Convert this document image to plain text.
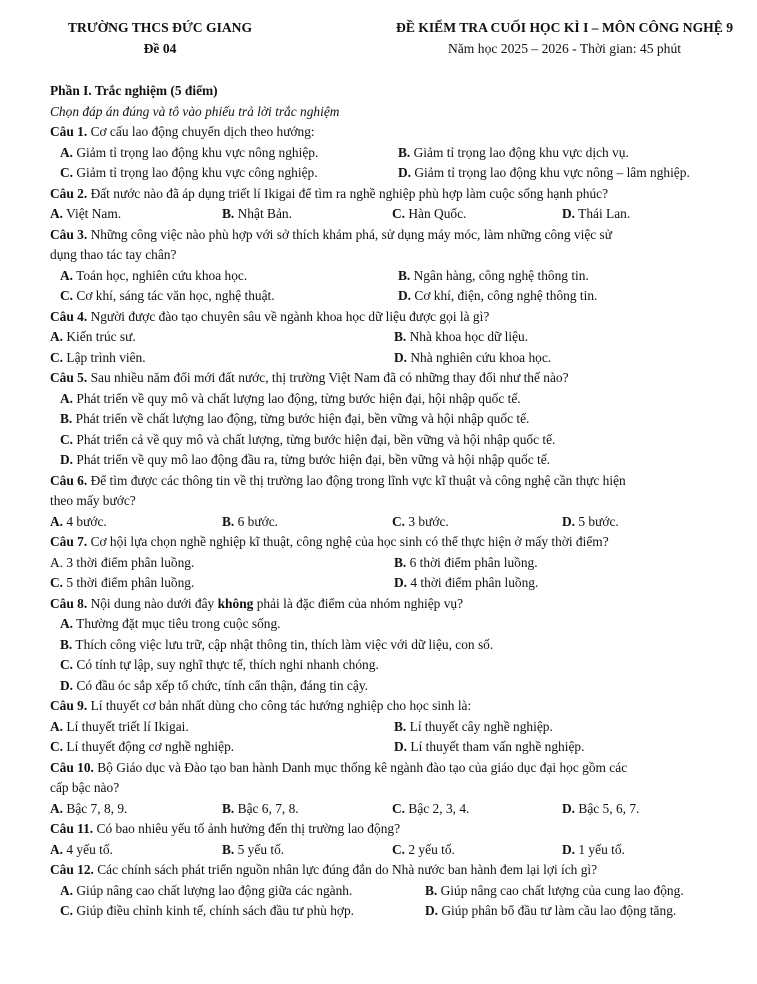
TRƯỜNG THCS ĐỨC GIANG
Đề 04
ĐỀ KIỂM TRA CUỐI HỌC KÌ I – MÔN CÔNG NGHỆ 9
Năm học 2025 – 2026 - Thời gian: 45 phút
Phần I. Trắc nghiệm (5 điểm)
Chọn đáp án đúng và tô vào phiếu trả lời trắc nghiệm
Câu 1. Cơ cấu lao động chuyển dịch theo hướng:
A. Giảm tỉ trọng lao động khu vực nông nghiệp.	B. Giảm tỉ trọng lao động khu vực dịch vụ.
C. Giảm tỉ trọng lao động khu vực công nghiệp.	D. Giảm tỉ trọng lao động khu vực nông – lâm nghiệp.
Câu 2. Đất nước nào đã áp dụng triết lí Ikigai để tìm ra nghề nghiệp phù hợp làm cuộc sống hạnh phúc?
A. Việt Nam.	B. Nhật Bản.	C. Hàn Quốc.	D. Thái Lan.
Câu 3. Những công việc nào phù hợp với sở thích khám phá, sử dụng máy móc, làm những công việc sử
dụng thao tác tay chân?
A. Toán học, nghiên cứu khoa học.	B. Ngân hàng, công nghệ thông tin.
C. Cơ khí, sáng tác văn học, nghệ thuật.	D. Cơ khí, điện, công nghệ thông tin.
Câu 4. Người được đào tạo chuyên sâu về ngành khoa học dữ liệu được gọi là gì?
A. Kiến trúc sư.	B. Nhà khoa học dữ liệu.
C. Lập trình viên.	D. Nhà nghiên cứu khoa học.
Câu 5. Sau nhiều năm đổi mới đất nước, thị trường Việt Nam đã có những thay đổi như thế nào?
A. Phát triển về quy mô và chất lượng lao động, từng bước hiện đại, hội nhập quốc tế.
B. Phát triển về chất lượng lao động, từng bước hiện đại, bền vững và hội nhập quốc tế.
C. Phát triển cả về quy mô và chất lượng, từng bước hiện đại, bền vững và hội nhập quốc tế.
D. Phát triển về quy mô lao động đầu ra, từng bước hiện đại, bền vững và hội nhập quốc tế.
Câu 6. Để tìm được các thông tin về thị trường lao động trong lĩnh vực kĩ thuật và công nghệ cần thực hiện
theo mấy bước?
A. 4 bước.	B. 6 bước.	C. 3 bước.	D. 5 bước.
Câu 7. Cơ hội lựa chọn nghề nghiệp kĩ thuật, công nghệ của học sinh có thể thực hiện ở mấy thời điểm?
A. 3 thời điểm phân luồng.	B. 6 thời điểm phân luồng.
C. 5 thời điểm phân luồng.	D. 4 thời điểm phân luồng.
Câu 8. Nội dung nào dưới đây không phải là đặc điểm của nhóm nghiệp vụ?
A. Thường đặt mục tiêu trong cuộc sống.
B. Thích công việc lưu trữ, cập nhật thông tin, thích làm việc với dữ liệu, con số.
C. Có tính tự lập, suy nghĩ thực tế, thích nghi nhanh chóng.
D. Có đầu óc sắp xếp tổ chức, tính cẩn thận, đáng tin cậy.
Câu 9. Lí thuyết cơ bản nhất dùng cho công tác hướng nghiệp cho học sinh là:
A. Lí thuyết triết lí Ikigai.	B. Lí thuyết cây nghề nghiệp.
C. Lí thuyết động cơ nghề nghiệp.	D. Lí thuyết tham vấn nghề nghiệp.
Câu 10. Bộ Giáo dục và Đào tạo ban hành Danh mục thống kê ngành đào tạo của giáo dục đại học gồm các
cấp bậc nào?
A. Bậc 7, 8, 9.	B. Bậc 6, 7, 8.	C. Bậc 2, 3, 4.	D. Bậc 5, 6, 7.
Câu 11. Có bao nhiêu yếu tố ảnh hưởng đến thị trường lao động?
A. 4 yếu tố.	B. 5 yếu tố.	C. 2 yếu tố.	D. 1 yếu tố.
Câu 12. Các chính sách phát triển nguồn nhân lực đúng đắn do Nhà nước ban hành đem lại lợi ích gì?
A. Giúp nâng cao chất lượng lao động giữa các ngành.	B. Giúp nâng cao chất lượng của cung lao động.
C. Giúp điều chỉnh kinh tế, chính sách đầu tư phù hợp.	D. Giúp phân bổ đầu tư làm cầu lao động tăng.
